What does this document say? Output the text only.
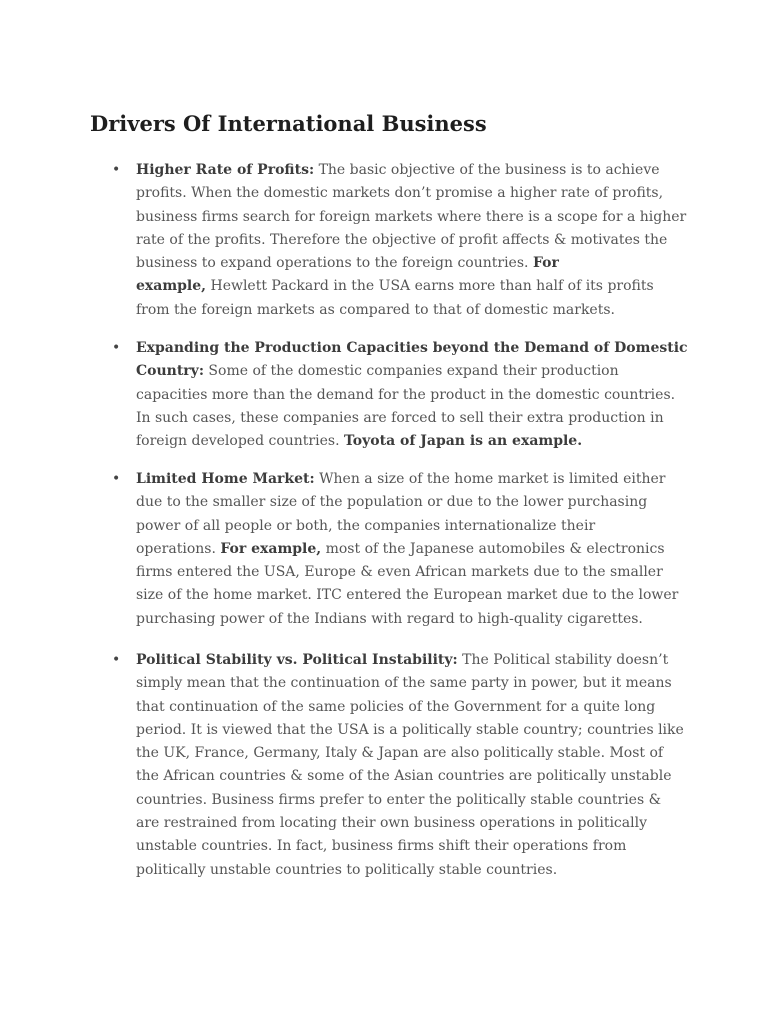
Drivers Of International Business
• Higher Rate of Profits: The basic objective of the business is to achieve
profits. When the domestic markets don’t promise a higher rate of profits,
business firms search for foreign markets where there is a scope for a higher
rate of the profits. Therefore the objective of profit affects & motivates the
business to expand operations to the foreign countries. For
example, Hewlett Packard in the USA earns more than half of its profits
from the foreign markets as compared to that of domestic markets.
• Expanding the Production Capacities beyond the Demand of Domestic
Country: Some of the domestic companies expand their production
capacities more than the demand for the product in the domestic countries.
In such cases, these companies are forced to sell their extra production in
foreign developed countries. Toyota of Japan is an example.
• Limited Home Market: When a size of the home market is limited either
due to the smaller size of the population or due to the lower purchasing
power of all people or both, the companies internationalize their
operations. For example, most of the Japanese automobiles & electronics
firms entered the USA, Europe & even African markets due to the smaller
size of the home market. ITC entered the European market due to the lower
purchasing power of the Indians with regard to high-quality cigarettes.
• Political Stability vs. Political Instability: The Political stability doesn’t
simply mean that the continuation of the same party in power, but it means
that continuation of the same policies of the Government for a quite long
period. It is viewed that the USA is a politically stable country; countries like
the UK, France, Germany, Italy & Japan are also politically stable. Most of
the African countries & some of the Asian countries are politically unstable
countries. Business firms prefer to enter the politically stable countries &
are restrained from locating their own business operations in politically
unstable countries. In fact, business firms shift their operations from
politically unstable countries to politically stable countries.
